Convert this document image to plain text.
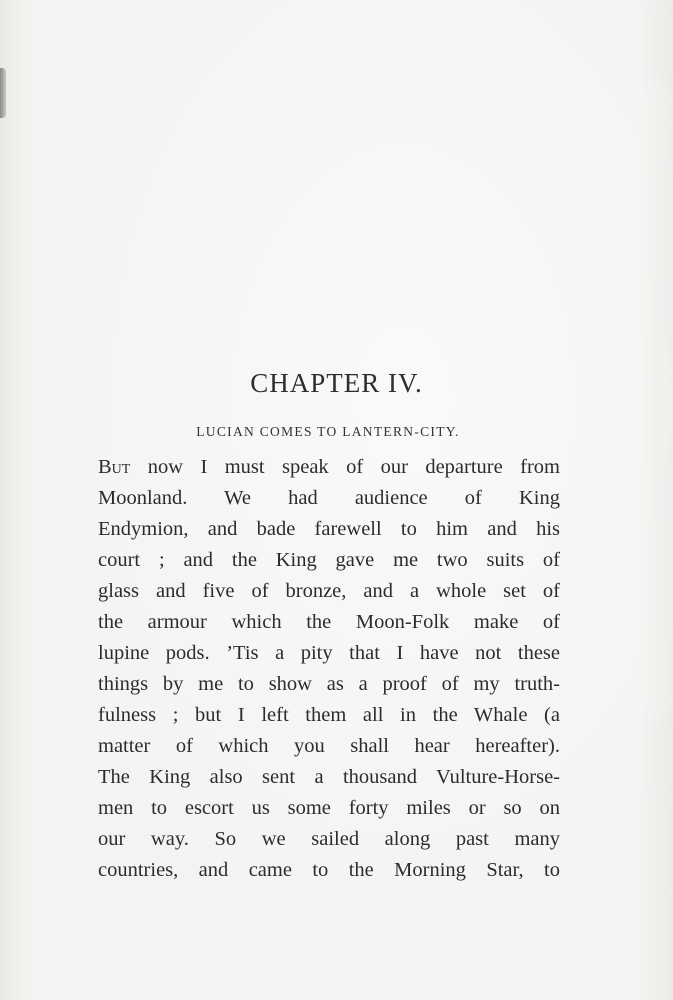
CHAPTER IV.
LUCIAN COMES TO LANTERN-CITY.
But now I must speak of our departure from
Moonland. We had audience of King
Endymion, and bade farewell to him and his
court ; and the King gave me two suits of
glass and five of bronze, and a whole set of
the armour which the Moon-Folk make of
lupine pods. ’Tis a pity that I have not these
things by me to show as a proof of my truth-
fulness ; but I left them all in the Whale (a
matter of which you shall hear hereafter).
The King also sent a thousand Vulture-Horse-
men to escort us some forty miles or so on
our way. So we sailed along past many
countries, and came to the Morning Star, to
